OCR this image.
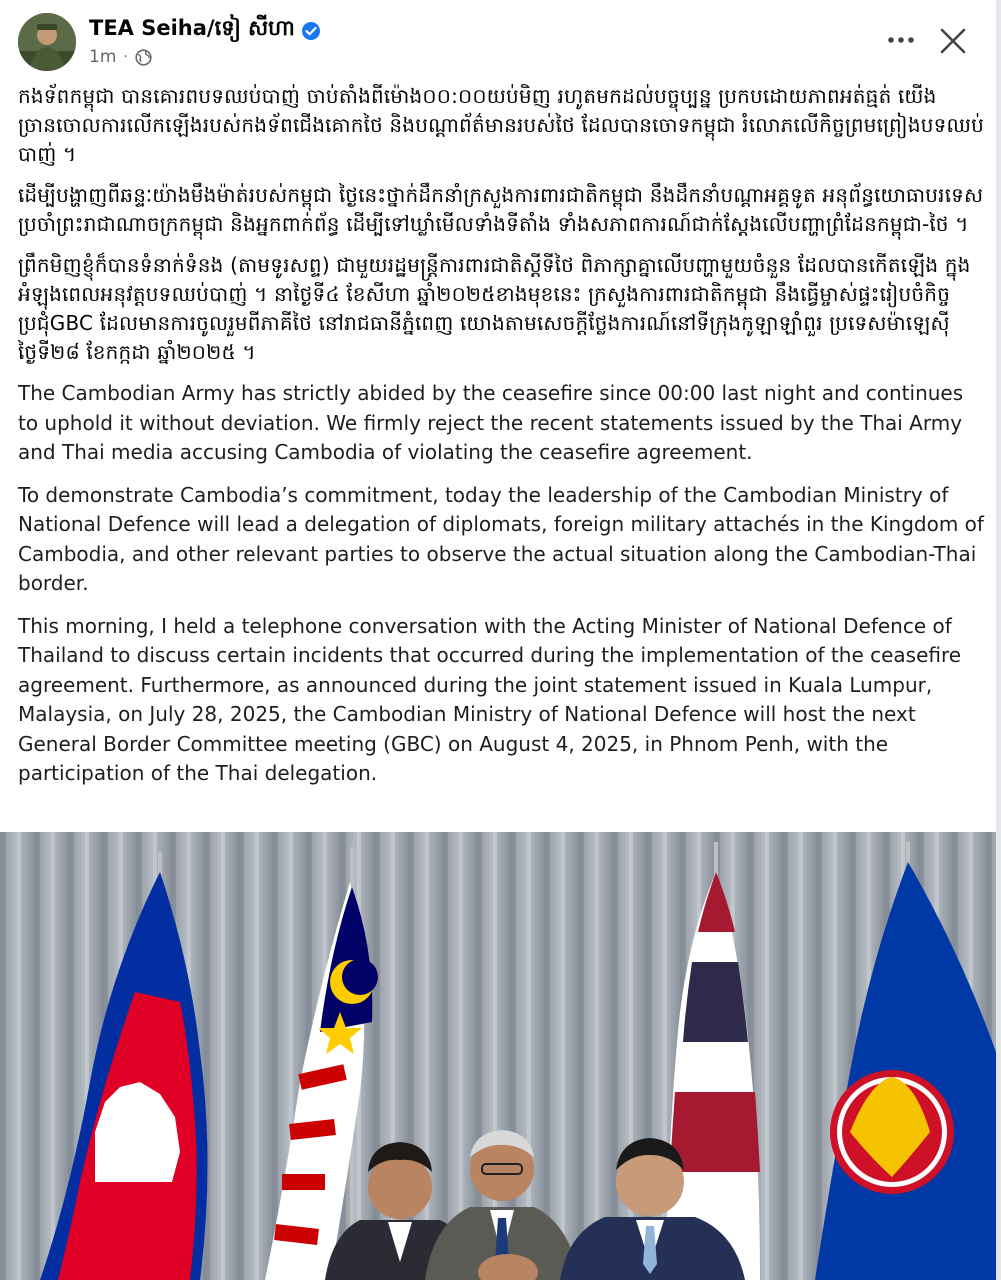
TEA Seiha/ទៀ សីហា
1m ·

កងទ័ពកម្ពុជា បានគោរពបទឈប់បាញ់ ចាប់តាំងពីម៉ោង០០:០០យប់មិញ រហូតមកដល់បច្ចុប្បន្ន ប្រកបដោយភាពអត់ធ្មត់ យើងច្រានចោលការលើកឡើងរបស់កងទ័ពជើងគោកថៃ និងបណ្តាព័ត៌មានរបស់ថៃ ដែលបានចោទកម្ពុជា រំលោភលើកិច្ចព្រមព្រៀងបទឈប់បាញ់ ។

ដើម្បីបង្ហាញពីឆន្ទៈយ៉ាងមឹងម៉ាត់របស់កម្ពុជា ថ្ងៃនេះថ្នាក់ដឹកនាំក្រសួងការពារជាតិកម្ពុជា នឹងដឹកនាំបណ្តាអគ្គទូត អនុព័ន្ធយោធាបរទេស ប្រចាំព្រះរាជាណាចក្រកម្ពុជា និងអ្នកពាក់ព័ន្ធ ដើម្បីទៅឃ្លាំមើលទាំងទីតាំង ទាំងសភាពការណ៍ជាក់ស្តែងលើបញ្ហាព្រំដែនកម្ពុជា-ថៃ ។

ព្រឹកមិញខ្ញុំក៏បានទំនាក់ទំនង (តាមទូរសព្ទ) ជាមួយរដ្ឋមន្ត្រីការពារជាតិស្តីទីថៃ ពិភាក្សាគ្នាលើបញ្ហាមួយចំនួន ដែលបានកើតឡើង ក្នុងអំឡុងពេលអនុវត្តបទឈប់បាញ់ ។ នាថ្ងៃទី៤ ខែសីហា ឆ្នាំ២០២៥ខាងមុខនេះ ក្រសួងការពារជាតិកម្ពុជា នឹងធ្វើម្ចាស់ផ្ទះរៀបចំកិច្ចប្រជុំGBC ដែលមានការចូលរួមពីភាគីថៃ នៅរាជធានីភ្នំពេញ យោងតាមសេចក្តីថ្លែងការណ៍នៅទីក្រុងកូឡាឡាំពួរ ប្រទេសម៉ាឡេស៊ី ថ្ងៃទី២៨ ខែកក្កដា ឆ្នាំ២០២៥ ។

The Cambodian Army has strictly abided by the ceasefire since 00:00 last night and continues to uphold it without deviation. We firmly reject the recent statements issued by the Thai Army and Thai media accusing Cambodia of violating the ceasefire agreement.

To demonstrate Cambodia’s commitment, today the leadership of the Cambodian Ministry of National Defence will lead a delegation of diplomats, foreign military attachés in the Kingdom of Cambodia, and other relevant parties to observe the actual situation along the Cambodian-Thai border.

This morning, I held a telephone conversation with the Acting Minister of National Defence of Thailand to discuss certain incidents that occurred during the implementation of the ceasefire agreement. Furthermore, as announced during the joint statement issued in Kuala Lumpur, Malaysia, on July 28, 2025, the Cambodian Ministry of National Defence will host the next General Border Committee meeting (GBC) on August 4, 2025, in Phnom Penh, with the participation of the Thai delegation.
